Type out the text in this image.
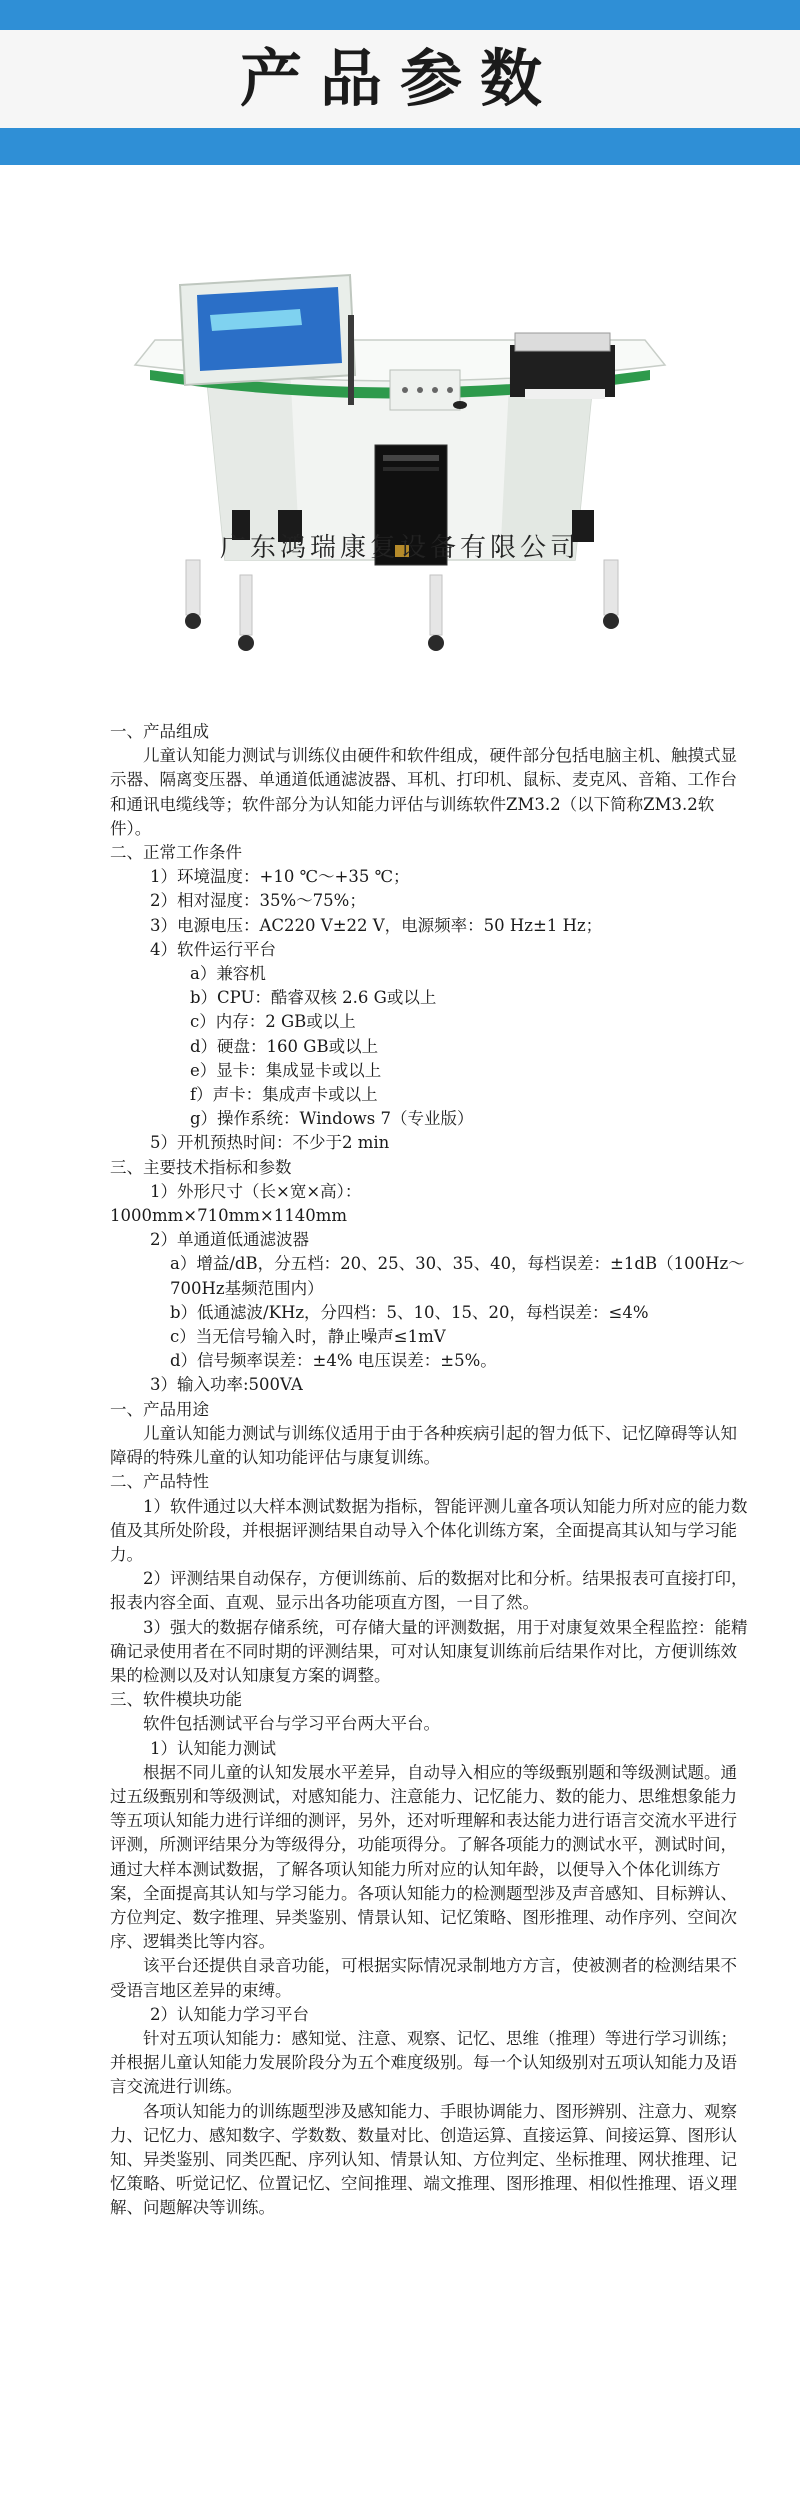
产品参数
广东鸿瑞康复设备有限公司

一、产品组成

儿童认知能力测试与训练仪由硬件和软件组成，硬件部分包括电脑主机、触摸式显示器、隔离变压器、单通道低通滤波器、耳机、打印机、鼠标、麦克风、音箱、工作台和通讯电缆线等；软件部分为认知能力评估与训练软件ZM3.2（以下简称ZM3.2软件）。

二、正常工作条件

1）环境温度：+10 ℃～+35 ℃；

2）相对湿度：35%～75%；

3）电源电压：AC220 V±22 V，电源频率：50 Hz±1 Hz；

4）软件运行平台

a）兼容机

b）CPU：酷睿双核 2.6 G或以上

c）内存：2 GB或以上

d）硬盘：160 GB或以上

e）显卡：集成显卡或以上

f）声卡：集成声卡或以上

g）操作系统：Windows 7（专业版）

5）开机预热时间：不少于2 min

三、主要技术指标和参数

1）外形尺寸（长×宽×高）：

1000mm×710mm×1140mm

2）单通道低通滤波器

a）增益/dB，分五档：20、25、30、35、40，每档误差：±1dB（100Hz～700Hz基频范围内）

b）低通滤波/KHz，分四档：5、10、15、20，每档误差：≤4%

c）当无信号输入时，静止噪声≤1mV

d）信号频率误差：±4% 电压误差：±5%。

3）输入功率:500VA

一、产品用途

儿童认知能力测试与训练仪适用于由于各种疾病引起的智力低下、记忆障碍等认知障碍的特殊儿童的认知功能评估与康复训练。

二、产品特性

1）软件通过以大样本测试数据为指标，智能评测儿童各项认知能力所对应的能力数值及其所处阶段，并根据评测结果自动导入个体化训练方案，全面提高其认知与学习能力。

2）评测结果自动保存，方便训练前、后的数据对比和分析。结果报表可直接打印，报表内容全面、直观、显示出各功能项直方图，一目了然。

3）强大的数据存储系统，可存储大量的评测数据，用于对康复效果全程监控：能精确记录使用者在不同时期的评测结果，可对认知康复训练前后结果作对比，方便训练效果的检测以及对认知康复方案的调整。

三、软件模块功能

软件包括测试平台与学习平台两大平台。

1）认知能力测试

根据不同儿童的认知发展水平差异，自动导入相应的等级甄别题和等级测试题。通过五级甄别和等级测试，对感知能力、注意能力、记忆能力、数的能力、思维想象能力等五项认知能力进行详细的测评，另外，还对听理解和表达能力进行语言交流水平进行评测，所测评结果分为等级得分，功能项得分。了解各项能力的测试水平，测试时间，通过大样本测试数据，了解各项认知能力所对应的认知年龄，以便导入个体化训练方案，全面提高其认知与学习能力。各项认知能力的检测题型涉及声音感知、目标辨认、方位判定、数字推理、异类鉴别、情景认知、记忆策略、图形推理、动作序列、空间次序、逻辑类比等内容。

该平台还提供自录音功能，可根据实际情况录制地方方言，使被测者的检测结果不受语言地区差异的束缚。

2）认知能力学习平台

针对五项认知能力：感知觉、注意、观察、记忆、思维（推理）等进行学习训练；并根据儿童认知能力发展阶段分为五个难度级别。每一个认知级别对五项认知能力及语言交流进行训练。

各项认知能力的训练题型涉及感知能力、手眼协调能力、图形辨别、注意力、观察力、记忆力、感知数字、学数数、数量对比、创造运算、直接运算、间接运算、图形认知、异类鉴别、同类匹配、序列认知、情景认知、方位判定、坐标推理、网状推理、记忆策略、听觉记忆、位置记忆、空间推理、端文推理、图形推理、相似性推理、语义理解、问题解决等训练。
